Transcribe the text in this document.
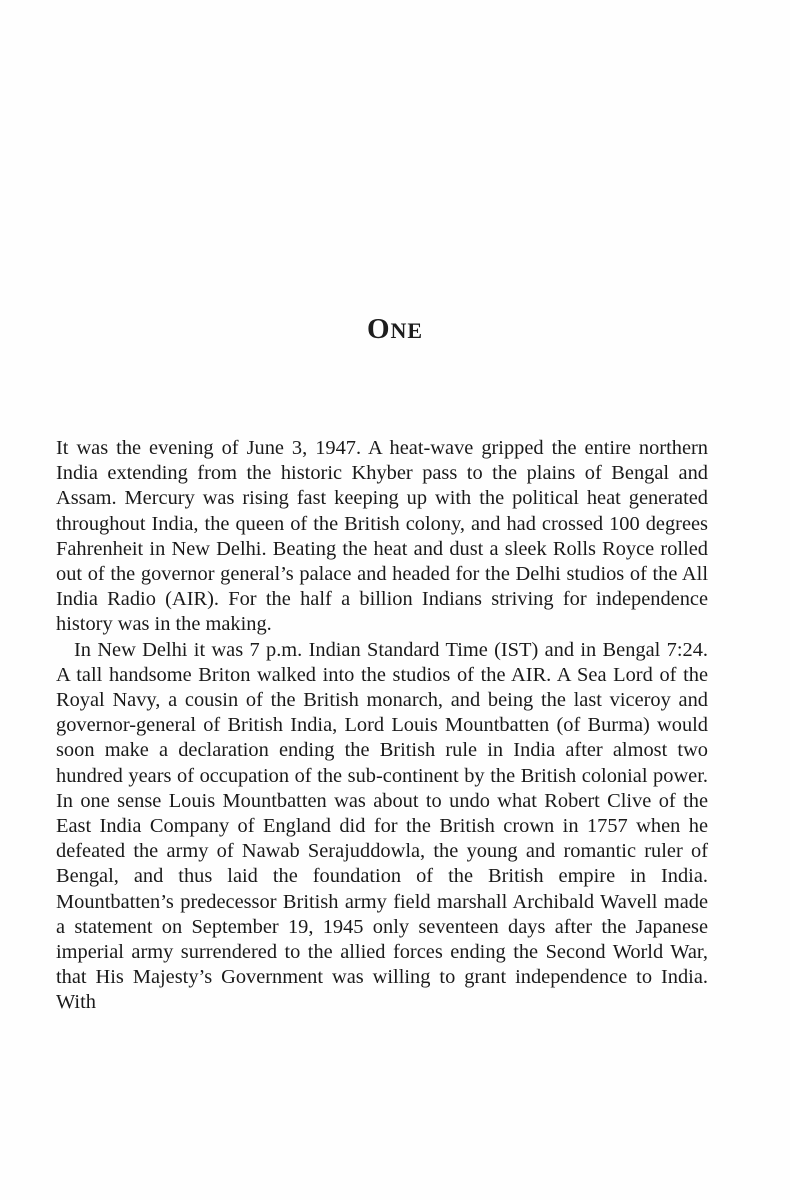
ONE

It was the evening of June 3, 1947. A heat-wave gripped the entire northern India extending from the historic Khyber pass to the plains of Bengal and Assam. Mercury was rising fast keeping up with the political heat generated throughout India, the queen of the British colony, and had crossed 100 degrees Fahrenheit in New Delhi. Beating the heat and dust a sleek Rolls Royce rolled out of the governor general’s palace and headed for the Delhi studios of the All India Radio (AIR). For the half a billion Indians striving for independence history was in the making.

In New Delhi it was 7 p.m. Indian Standard Time (IST) and in Bengal 7:24. A tall handsome Briton walked into the studios of the AIR. A Sea Lord of the Royal Navy, a cousin of the British monarch, and being the last viceroy and governor-general of British India, Lord Louis Mountbatten (of Burma) would soon make a declaration ending the British rule in India after almost two hundred years of occupation of the sub-continent by the British colonial power. In one sense Louis Mountbatten was about to undo what Robert Clive of the East India Company of England did for the British crown in 1757 when he defeated the army of Nawab Serajuddowla, the young and romantic ruler of Bengal, and thus laid the foundation of the British empire in India. Mountbatten’s predecessor British army field marshall Archibald Wavell made a statement on September 19, 1945 only seventeen days after the Japanese imperial army surrendered to the allied forces ending the Second World War, that His Majesty’s Government was willing to grant independence to India. With
